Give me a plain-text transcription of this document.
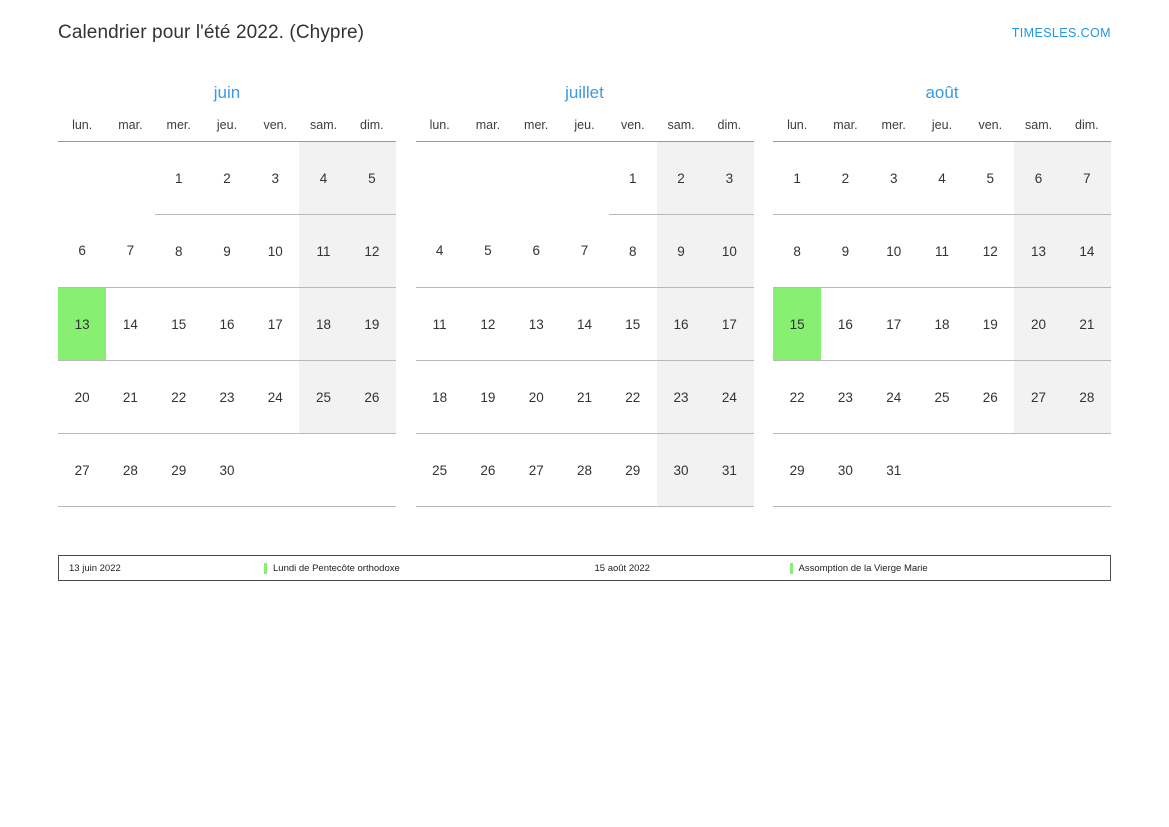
Calendrier pour l'été 2022. (Chypre)	TIMESLES.COM
juin
lun.	mar.	mer.	jeu.	ven.	sam.	dim.
		1	2	3	4	5
6	7	8	9	10	11	12
13	14	15	16	17	18	19
20	21	22	23	24	25	26
27	28	29	30			
juillet
lun.	mar.	mer.	jeu.	ven.	sam.	dim.
				1	2	3
4	5	6	7	8	9	10
11	12	13	14	15	16	17
18	19	20	21	22	23	24
25	26	27	28	29	30	31
août
lun.	mar.	mer.	jeu.	ven.	sam.	dim.
1	2	3	4	5	6	7
8	9	10	11	12	13	14
15	16	17	18	19	20	21
22	23	24	25	26	27	28
29	30	31				
13 juin 2022	Lundi de Pentecôte orthodoxe	15 août 2022	Assomption de la Vierge Marie
